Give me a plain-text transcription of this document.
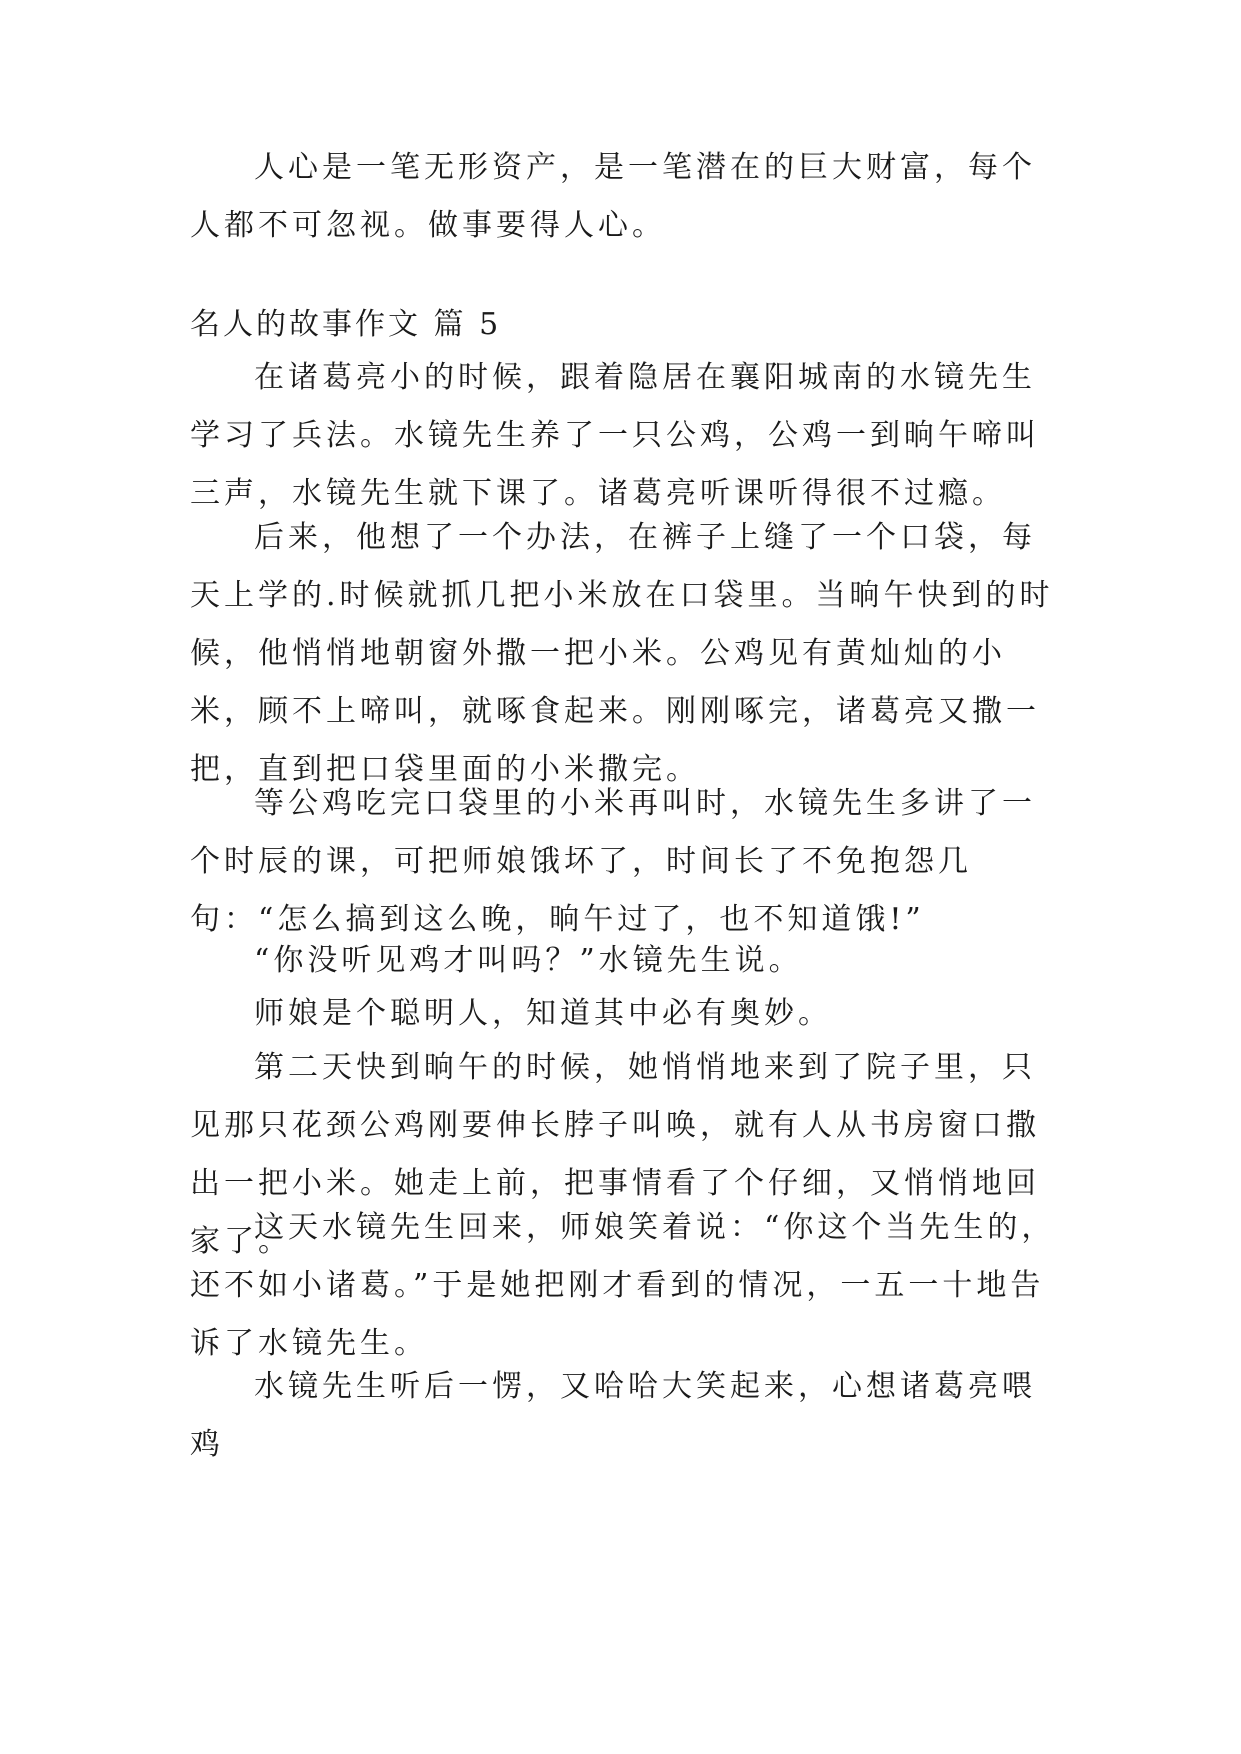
人心是一笔无形资产，是一笔潜在的巨大财富，每个人都不可忽视。做事要得人心。

名人的故事作文 篇 5

在诸葛亮小的时候，跟着隐居在襄阳城南的水镜先生学习了兵法。水镜先生养了一只公鸡，公鸡一到晌午啼叫三声，水镜先生就下课了。诸葛亮听课听得很不过瘾。

后来，他想了一个办法，在裤子上缝了一个口袋，每天上学的.时候就抓几把小米放在口袋里。当晌午快到的时候，他悄悄地朝窗外撒一把小米。公鸡见有黄灿灿的小米，顾不上啼叫，就啄食起来。刚刚啄完，诸葛亮又撒一把，直到把口袋里面的小米撒完。

等公鸡吃完口袋里的小米再叫时，水镜先生多讲了一个时辰的课，可把师娘饿坏了，时间长了不免抱怨几句：“怎么搞到这么晚，晌午过了，也不知道饿!”

“你没听见鸡才叫吗？”水镜先生说。

师娘是个聪明人，知道其中必有奥妙。

第二天快到晌午的时候，她悄悄地来到了院子里，只见那只花颈公鸡刚要伸长脖子叫唤，就有人从书房窗口撒出一把小米。她走上前，把事情看了个仔细，又悄悄地回家了。

这天水镜先生回来，师娘笑着说：“你这个当先生的，还不如小诸葛。”于是她把刚才看到的情况，一五一十地告诉了水镜先生。

水镜先生听后一愣，又哈哈大笑起来，心想诸葛亮喂鸡
